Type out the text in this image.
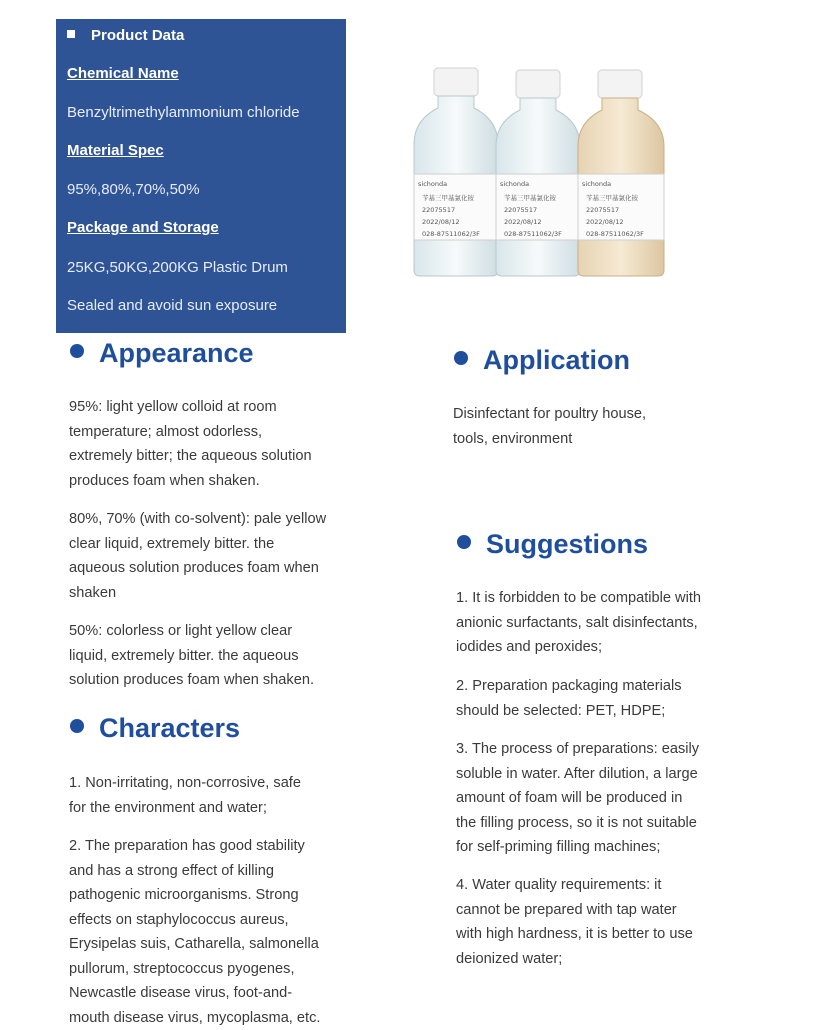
Product Data
Chemical Name
Benzyltrimethylammonium chloride
Material Spec
95%,80%,70%,50%
Package and Storage
25KG,50KG,200KG Plastic Drum
Sealed and avoid sun exposure
sichonda
苄基三甲基氯化铵
22075517
2022/08/12
028-87511062/3F
sichonda
苄基三甲基氯化铵
22075517
2022/08/12
028-87511062/3F
sichonda
苄基三甲基氯化铵
22075517
2022/08/12
028-87511062/3F
Appearance
95%: light yellow colloid at room
temperature; almost odorless,
extremely bitter; the aqueous solution
produces foam when shaken.
80%, 70% (with co-solvent): pale yellow
clear liquid, extremely bitter. the
aqueous solution produces foam when
shaken
50%: colorless or light yellow clear
liquid, extremely bitter. the aqueous
solution produces foam when shaken.
Characters
1. Non-irritating, non-corrosive, safe
for the environment and water;
2. The preparation has good stability
and has a strong effect of killing
pathogenic microorganisms. Strong
effects on staphylococcus aureus,
Erysipelas suis, Catharella, salmonella
pullorum, streptococcus pyogenes,
Newcastle disease virus, foot-and-
mouth disease virus, mycoplasma, etc.
Application
Disinfectant for poultry house,
tools, environment
Suggestions
1. It is forbidden to be compatible with
anionic surfactants, salt disinfectants,
iodides and peroxides;
2. Preparation packaging materials
should be selected: PET, HDPE;
3. The process of preparations: easily
soluble in water. After dilution, a large
amount of foam will be produced in
the filling process, so it is not suitable
for self-priming filling machines;
4. Water quality requirements: it
cannot be prepared with tap water
with high hardness, it is better to use
deionized water;
